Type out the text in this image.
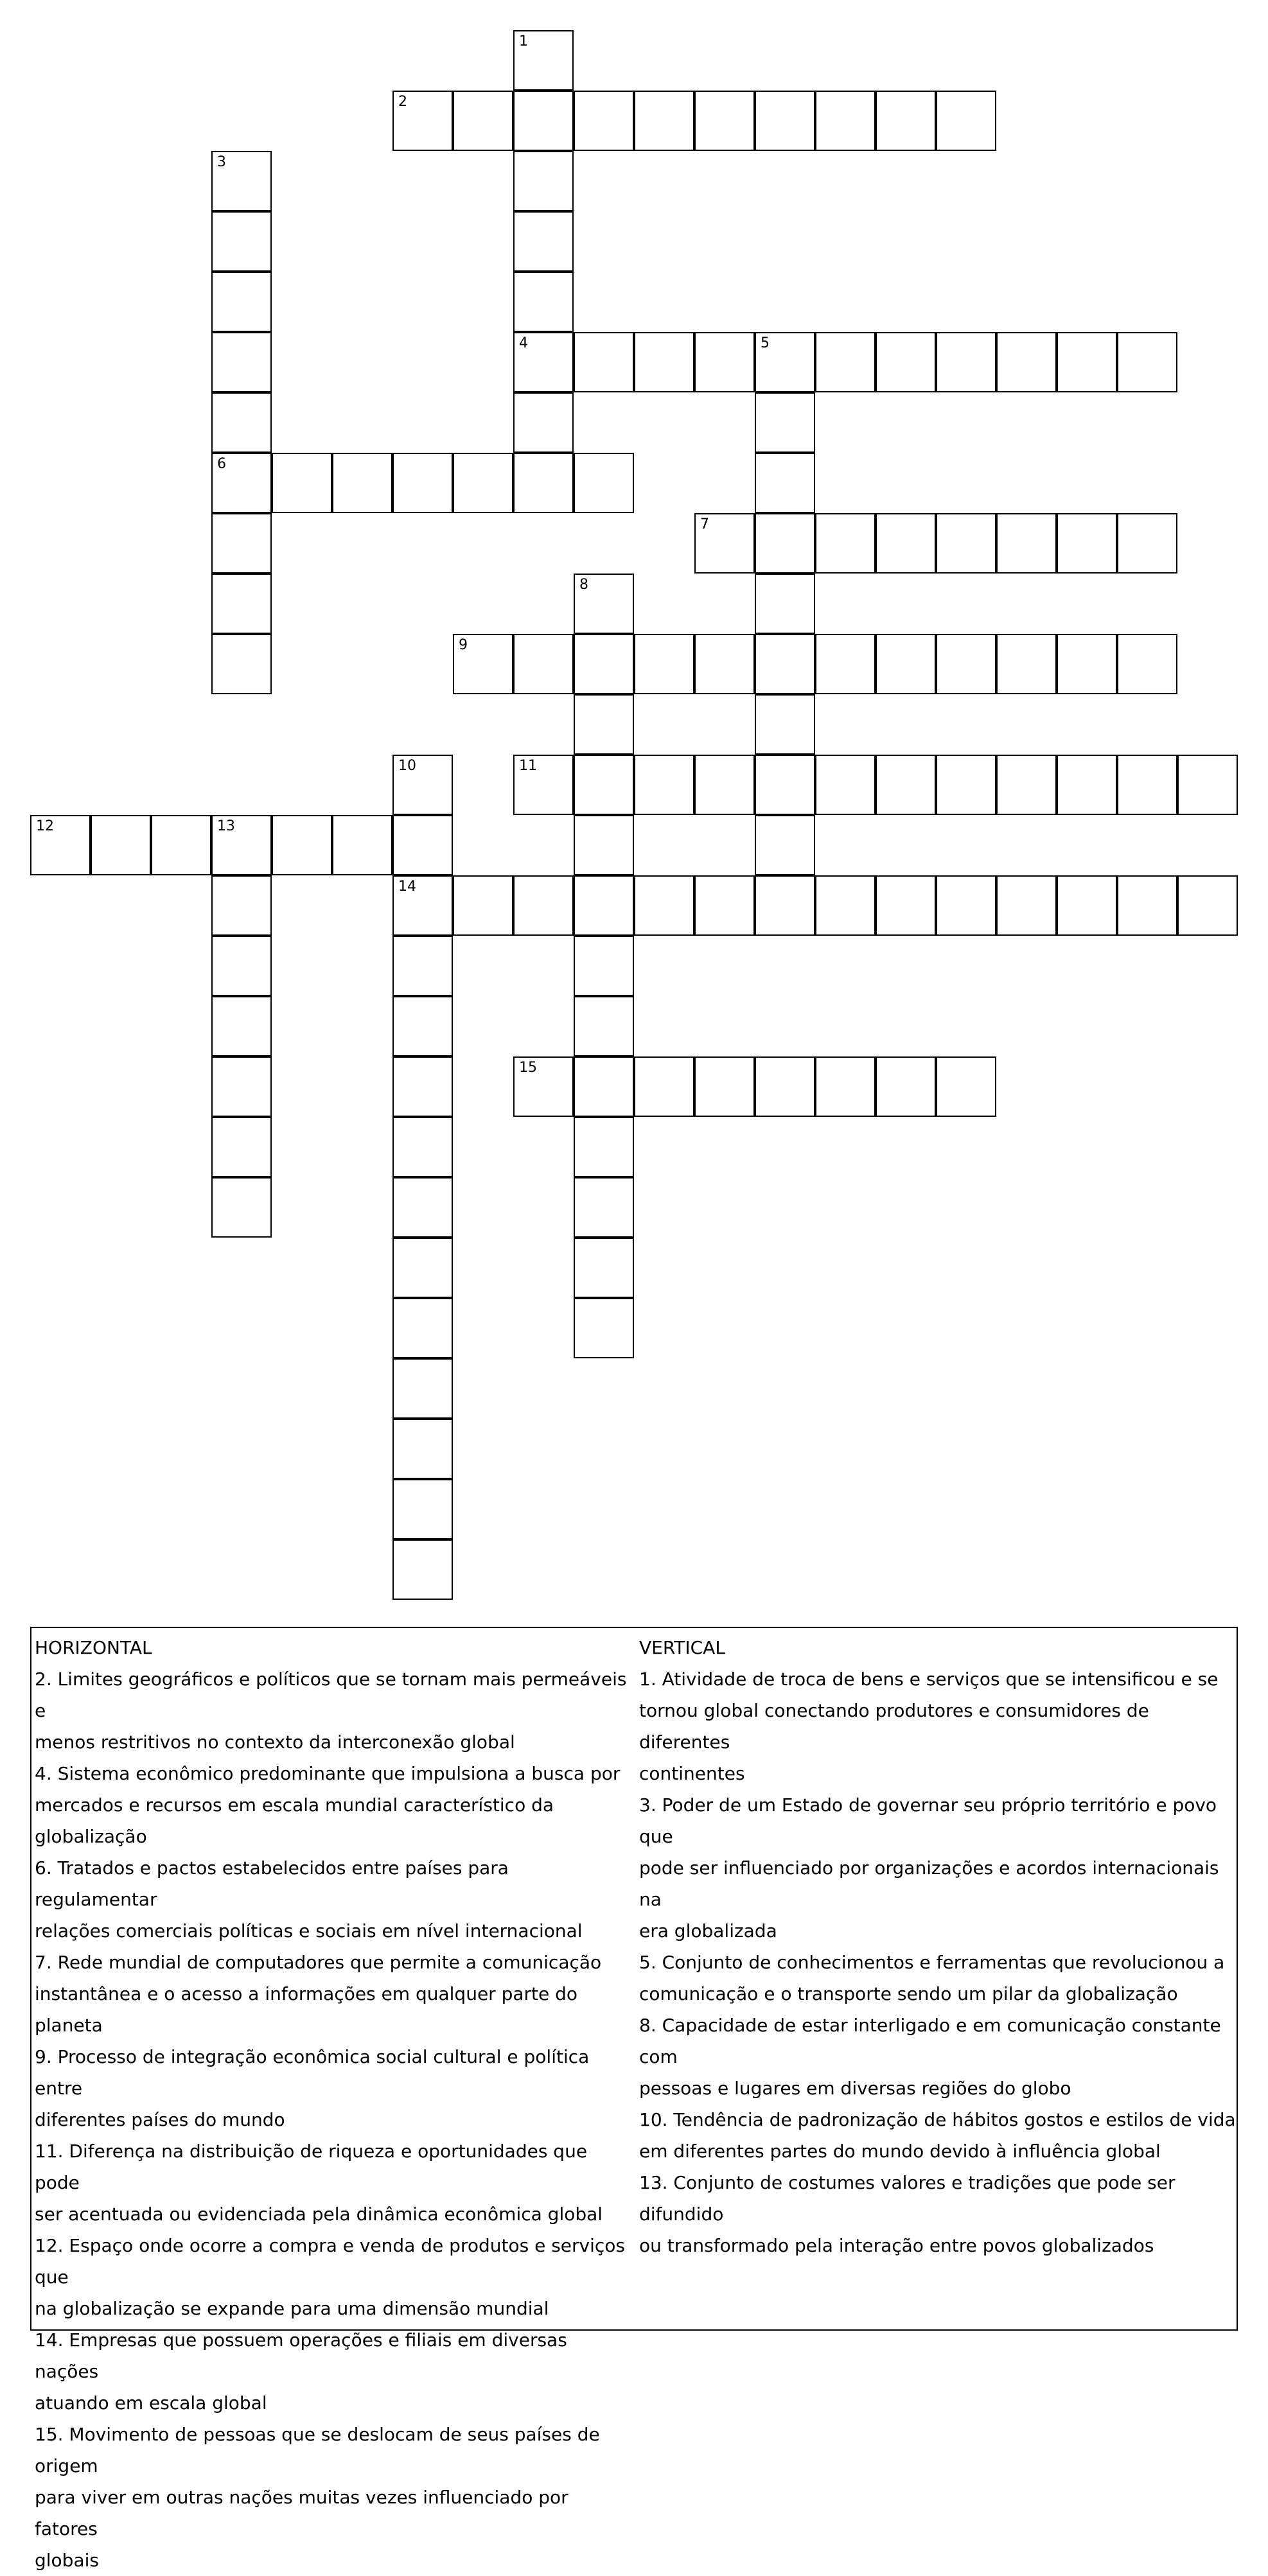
1
4
2
3
6
5
7
8
9
10
14
11
12	13
15
HORIZONTAL
2. Limites geográficos e políticos que se tornam mais permeáveis e
menos restritivos no contexto da interconexão global
4. Sistema econômico predominante que impulsiona a busca por
mercados e recursos em escala mundial característico da
globalização
6. Tratados e pactos estabelecidos entre países para regulamentar
relações comerciais políticas e sociais em nível internacional
7. Rede mundial de computadores que permite a comunicação
instantânea e o acesso a informações em qualquer parte do planeta
9. Processo de integração econômica social cultural e política entre
diferentes países do mundo
11. Diferença na distribuição de riqueza e oportunidades que pode
ser acentuada ou evidenciada pela dinâmica econômica global
12. Espaço onde ocorre a compra e venda de produtos e serviços que
na globalização se expande para uma dimensão mundial
14. Empresas que possuem operações e filiais em diversas nações
atuando em escala global
15. Movimento de pessoas que se deslocam de seus países de origem
para viver em outras nações muitas vezes influenciado por fatores
globais
VERTICAL
1. Atividade de troca de bens e serviços que se intensificou e se
tornou global conectando produtores e consumidores de diferentes
continentes
3. Poder de um Estado de governar seu próprio território e povo que
pode ser influenciado por organizações e acordos internacionais na
era globalizada
5. Conjunto de conhecimentos e ferramentas que revolucionou a
comunicação e o transporte sendo um pilar da globalização
8. Capacidade de estar interligado e em comunicação constante com
pessoas e lugares em diversas regiões do globo
10. Tendência de padronização de hábitos gostos e estilos de vida
em diferentes partes do mundo devido à influência global
13. Conjunto de costumes valores e tradições que pode ser difundido
ou transformado pela interação entre povos globalizados
